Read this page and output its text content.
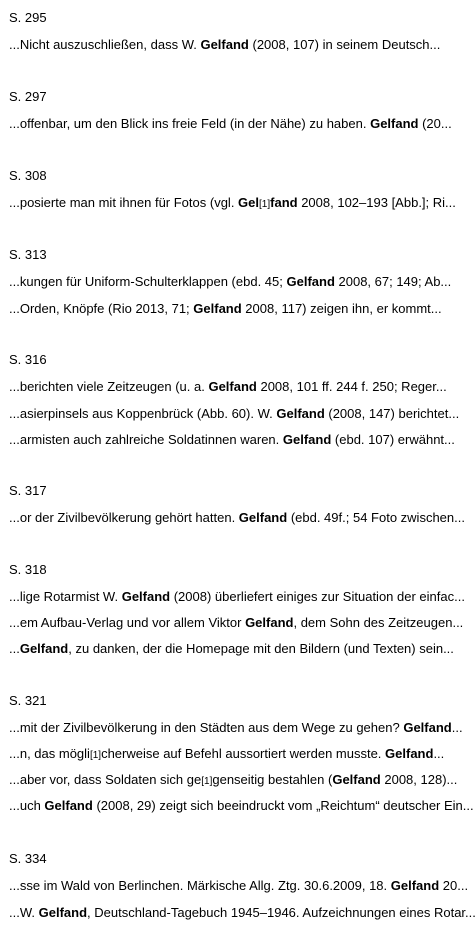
S. 295
...Nicht auszuschließen, dass W. Gelfand (2008, 107) in seinem Deutsch...
S. 297
...offenbar, um den Blick ins freie Feld (in der Nähe) zu haben. Gelfand (20...
S. 308
...posierte man mit ihnen für Fotos (vgl. Gel[1]fand 2008, 102–193 [Abb.]; Ri...
S. 313
...kungen für Uniform-Schulterklappen (ebd. 45; Gelfand 2008, 67; 149; Ab...
...Orden, Knöpfe (Rio 2013, 71; Gelfand 2008, 117) zeigen ihn, er kommt...
S. 316
...berichten viele Zeitzeugen (u. a. Gelfand 2008, 101 ff. 244 f. 250; Reger...
...asierpinsels aus Koppenbrück (Abb. 60). W. Gelfand (2008, 147) berichtet...
...armisten auch zahlreiche Soldatinnen waren. Gelfand (ebd. 107) erwähnt...
S. 317
...or der Zivilbevölkerung gehört hatten. Gelfand (ebd. 49f.; 54 Foto zwischen...
S. 318
...lige Rotarmist W. Gelfand (2008) überliefert einiges zur Situation der einfac...
...em Aufbau-Verlag und vor allem Viktor Gelfand, dem Sohn des Zeitzeugen...
...Gelfand, zu danken, der die Homepage mit den Bildern (und Texten) sein...
S. 321
...mit der Zivilbevölkerung in den Städten aus dem Wege zu gehen? Gelfand...
...n, das mögli[1]cherweise auf Befehl aussortiert werden musste. Gelfand...
...aber vor, dass Soldaten sich ge[1]genseitig bestahlen (Gelfand 2008, 128)...
...uch Gelfand (2008, 29) zeigt sich beeindruckt vom „Reichtum“ deutscher Ein...
S. 334
...sse im Wald von Berlinchen. Märkische Allg. Ztg. 30.6.2009, 18. Gelfand 20...
...W. Gelfand, Deutschland-Tagebuch 1945–1946. Aufzeichnungen eines Rotar...
